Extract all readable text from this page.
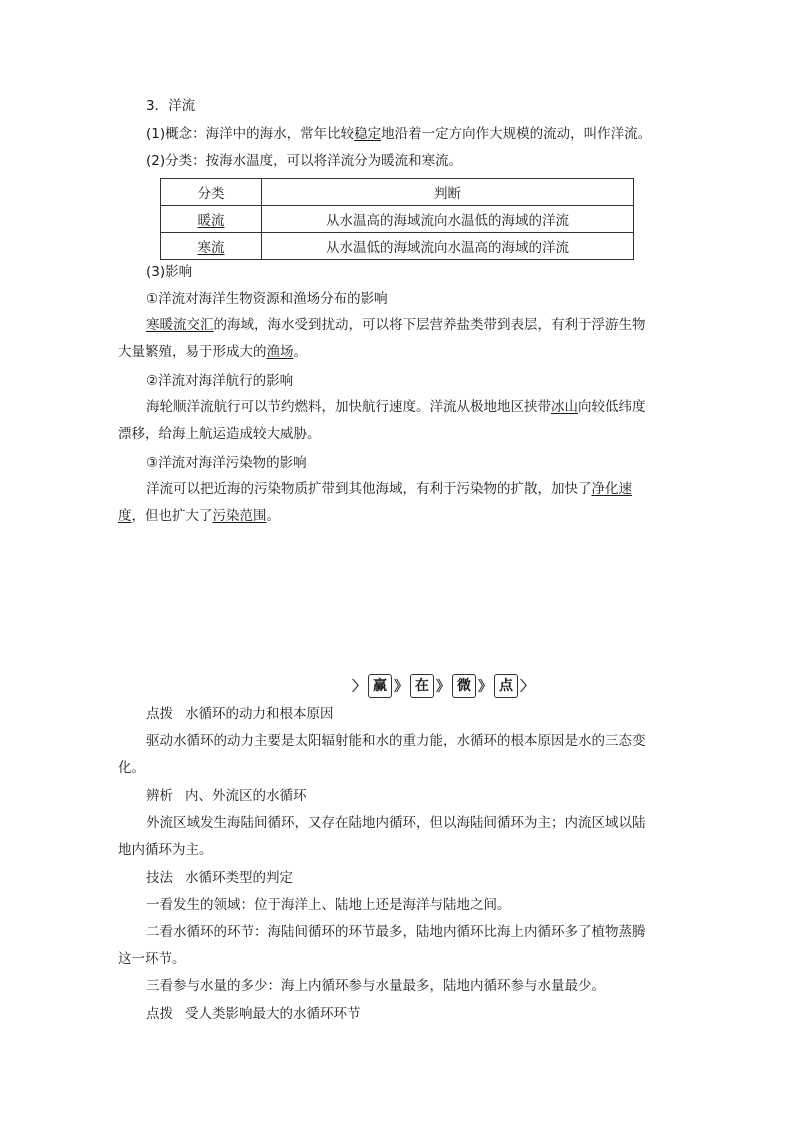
3．洋流
(1)概念：海洋中的海水，常年比较稳定地沿着一定方向作大规模的流动，叫作洋流。
(2)分类：按海水温度，可以将洋流分为暖流和寒流。
分类	判断
暖流	从水温高的海域流向水温低的海域的洋流
寒流	从水温低的海域流向水温高的海域的洋流
(3)影响
①洋流对海洋生物资源和渔场分布的影响
寒暖流交汇的海域，海水受到扰动，可以将下层营养盐类带到表层，有利于浮游生物大量繁殖，易于形成大的渔场。
②洋流对海洋航行的影响
海轮顺洋流航行可以节约燃料，加快航行速度。洋流从极地地区挟带冰山向较低纬度漂移，给海上航运造成较大威胁。
③洋流对海洋污染物的影响
洋流可以把近海的污染物质扩带到其他海域，有利于污染物的扩散，加快了净化速度，但也扩大了污染范围。
〉 赢 》 在 》 微 》 点 〉
点拨 水循环的动力和根本原因
驱动水循环的动力主要是太阳辐射能和水的重力能，水循环的根本原因是水的三态变化。
辨析 内、外流区的水循环
外流区域发生海陆间循环，又存在陆地内循环，但以海陆间循环为主；内流区域以陆地内循环为主。
技法 水循环类型的判定
一看发生的领域：位于海洋上、陆地上还是海洋与陆地之间。
二看水循环的环节：海陆间循环的环节最多，陆地内循环比海上内循环多了植物蒸腾这一环节。
三看参与水量的多少：海上内循环参与水量最多，陆地内循环参与水量最少。
点拨 受人类影响最大的水循环环节
